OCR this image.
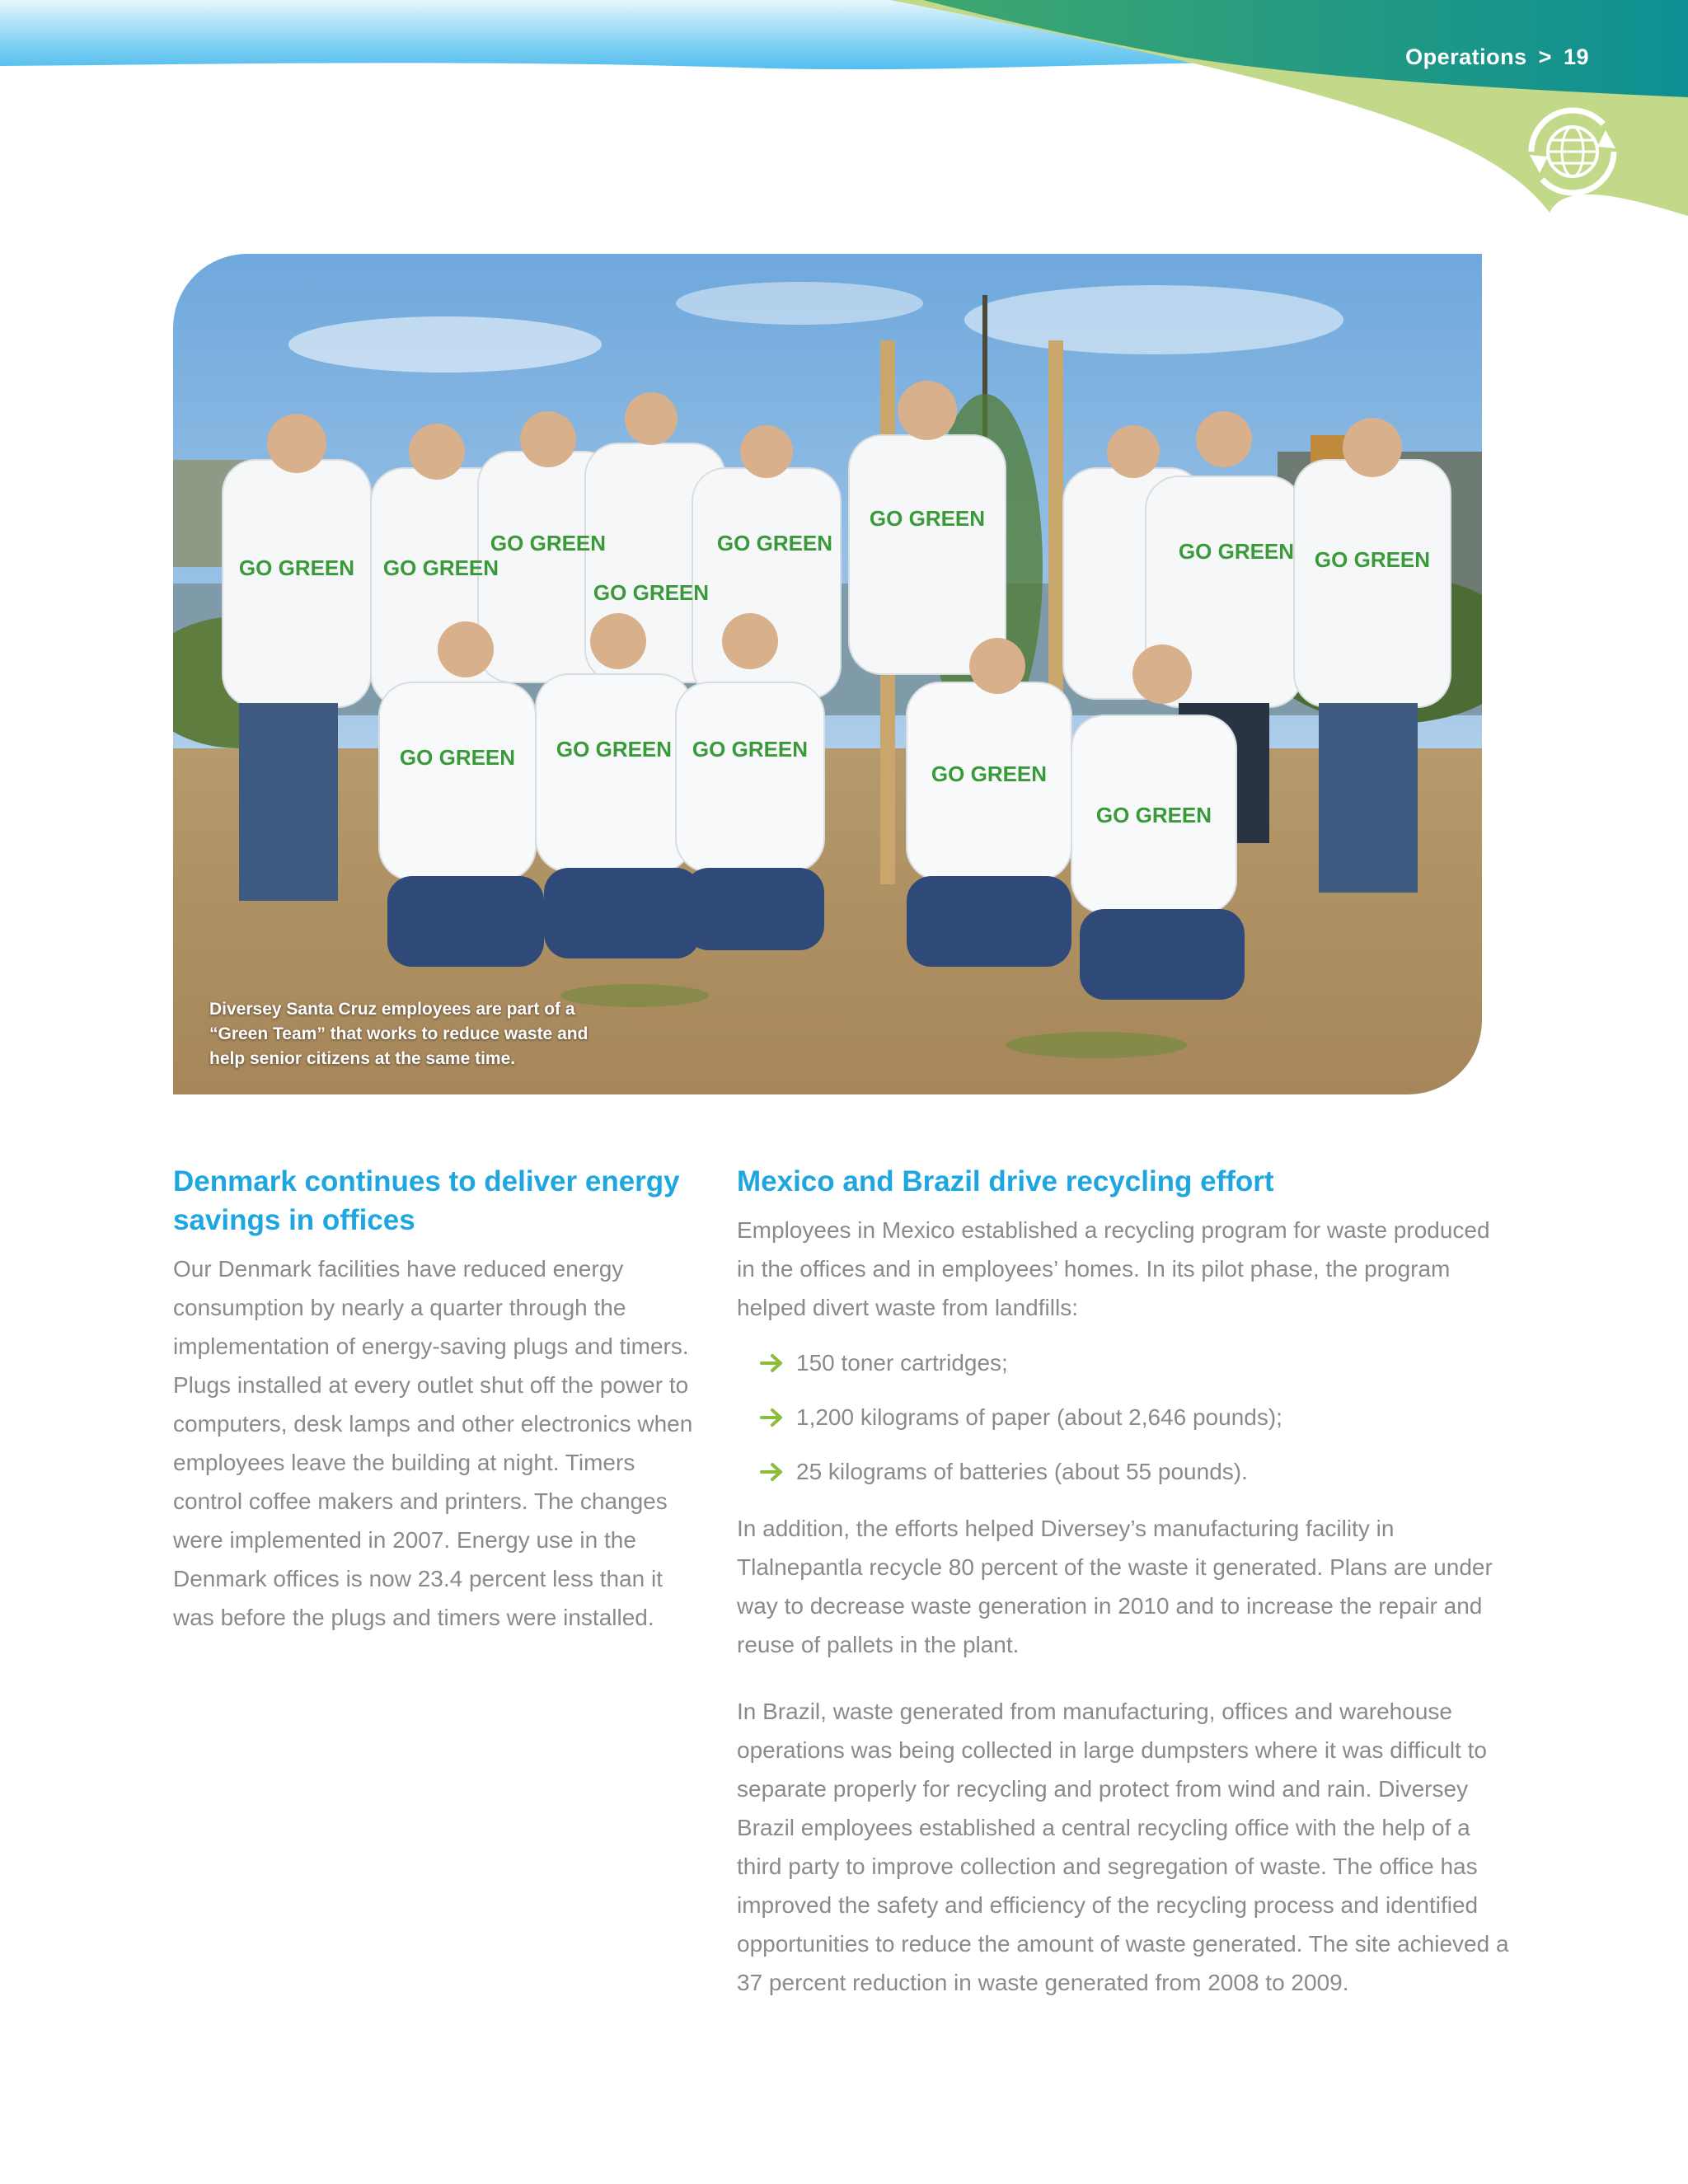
Operations > 19
GO GREEN GO GREEN
GO GREEN
GO GREEN
GO GREEN
GO GREEN
GO GREEN GO GREEN
GO GREEN GO GREEN GO GREEN
GO GREEN
GO GREEN
Diversey Santa Cruz employees are part of a “Green Team” that works to reduce waste and help senior citizens at the same time.
Denmark continues to deliver energy savings in offices

Our Denmark facilities have reduced energy consumption by nearly a quarter through the implementation of energy-saving plugs and timers. Plugs installed at every outlet shut off the power to computers, desk lamps and other electronics when employees leave the building at night. Timers control coffee makers and printers. The changes were implemented in 2007. Energy use in the Denmark offices is now 23.4 percent less than it was before the plugs and timers were installed.

Mexico and Brazil drive recycling effort

Employees in Mexico established a recycling program for waste produced in the offices and in employees’ homes. In its pilot phase, the program helped divert waste from landfills:

150 toner cartridges;
1,200 kilograms of paper (about 2,646 pounds);
25 kilograms of batteries (about 55 pounds).

In addition, the efforts helped Diversey’s manufacturing facility in Tlalnepantla recycle 80 percent of the waste it generated. Plans are under way to decrease waste generation in 2010 and to increase the repair and reuse of pallets in the plant.

In Brazil, waste generated from manufacturing, offices and warehouse operations was being collected in large dumpsters where it was difficult to separate properly for recycling and protect from wind and rain. Diversey Brazil employees established a central recycling office with the help of a third party to improve collection and segregation of waste. The office has improved the safety and efficiency of the recycling process and identified opportunities to reduce the amount of waste generated. The site achieved a 37 percent reduction in waste generated from 2008 to 2009.
